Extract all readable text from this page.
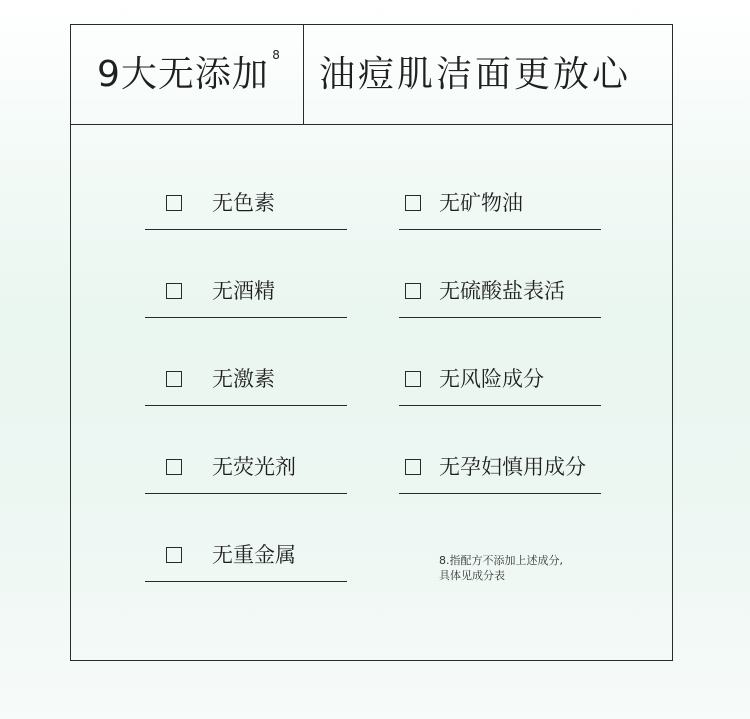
9大无添加 8 油痘肌洁面更放心
无色素
无酒精
无激素
无荧光剂
无重金属
无矿物油
无硫酸盐表活
无风险成分
无孕妇慎用成分
8.指配方不添加上述成分,
具体见成分表
